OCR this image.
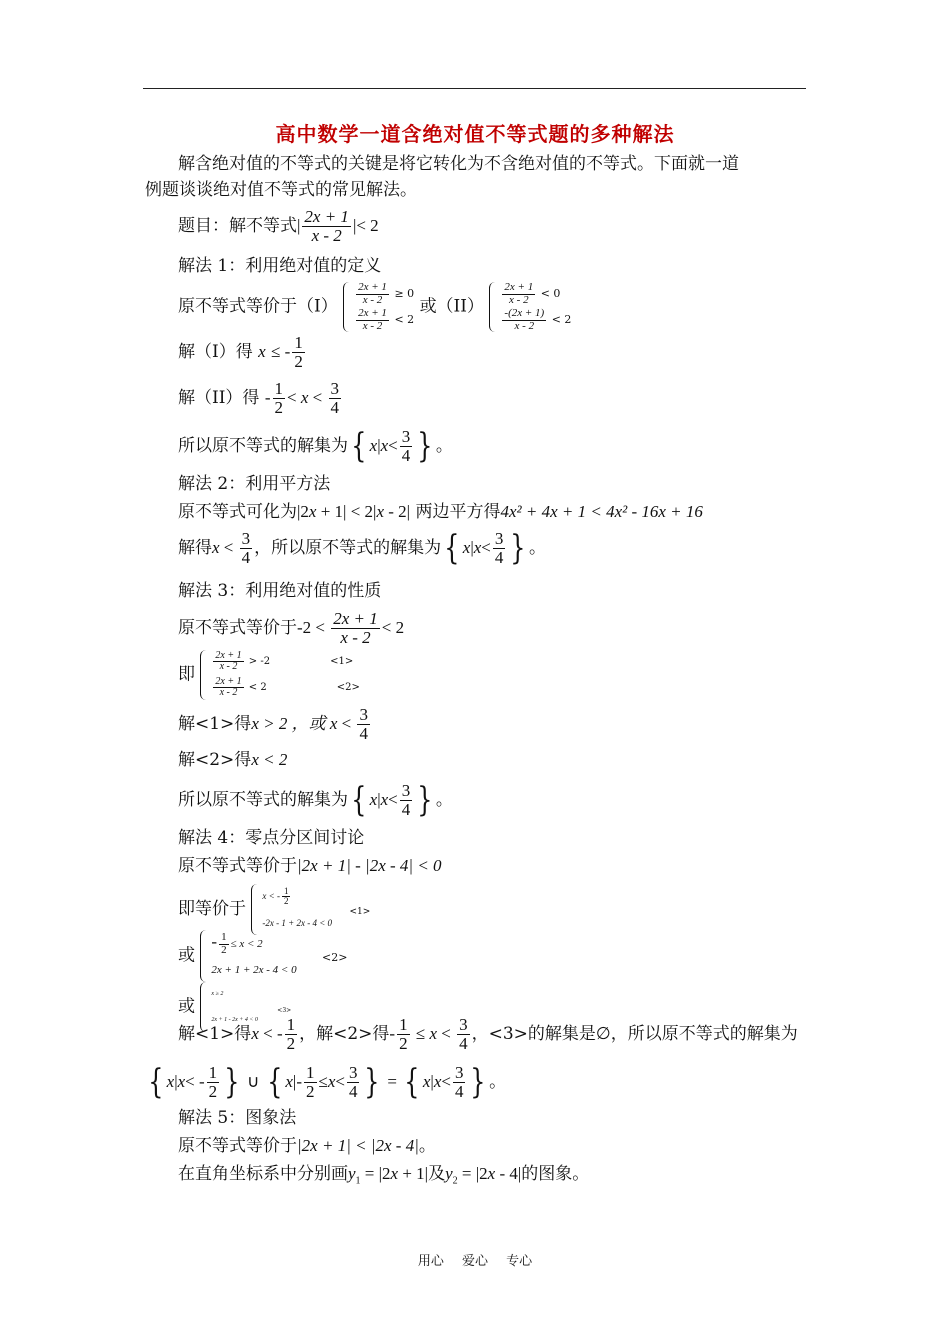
高中数学一道含绝对值不等式题的多种解法
解含绝对值的不等式的关键是将它转化为不含绝对值的不等式。下面就一道
例题谈谈绝对值不等式的常见解法。
题目：解不等式| $\frac{2x + 1}{x - 2}$ |< 2
解法 1：利用绝对值的定义
原不等式等价于（I）
$\frac{2x + 1}{x - 2} \ge 0$
$\frac{2x + 1}{x - 2} < 2$
或（II）
$\frac{2x + 1}{x - 2} < 0$
$\frac{-(2x + 1)}{x - 2} < 2$
解（I）得 x ≤ - $\frac{1}{2}$
解（II）得 - $\frac{1}{2} < x < \frac{3}{4}$
所以原不等式的解集为 { x | $x < \frac{3}{4}$ } 。
解法 2：利用平方法
原不等式可化为|2x + 1| < 2|x - 2| 两边平方得4x² + 4x + 1 < 4x² - 16x + 16
解得$x < \frac{3}{4}$ ，所以原不等式的解集为 { x | $x < \frac{3}{4}$ } 。
解法 3：利用绝对值的性质
原不等式等价于$-2 < \frac{2x + 1}{x - 2} < 2$
即
$\frac{2x + 1}{x - 2} > -2$	<1>
$\frac{2x + 1}{x - 2} < 2$	<2>
解<1>得x > 2 ，或 $x < \frac{3}{4}$
解<2>得x < 2
所以原不等式的解集为 { x | $x < \frac{3}{4}$ } 。
解法 4：零点分区间讨论
原不等式等价于|2x + 1| - |2x - 4| < 0
即等价于
x < - $\frac{1}{2}$
-2x - 1 + 2x - 4 < 0
<1>
或
- $\frac{1}{2} \le x < 2$
2x + 1 + 2x - 4 < 0
<2>
或
x ≥ 2
2x + 1 - 2x + 4 < 0
<3>
解<1>得x < - $\frac{1}{2}$ ，解<2>得- $\frac{1}{2} \le x < \frac{3}{4}$ ，<3>的解集是∅，所以原不等式的解集为
{ x | x < - $\frac{1}{2}$ } ∪ { x |- $\frac{1}{2} \le x < \frac{3}{4}$ } = { x | $x < \frac{3}{4}$ } 。
解法 5：图象法
原不等式等价于|2x + 1| < |2x - 4|。
在直角坐标系中分别画$y_1 = |2x + 1|$及$y_2 = |2x - 4|$的图象。
用心 爱心 专心
